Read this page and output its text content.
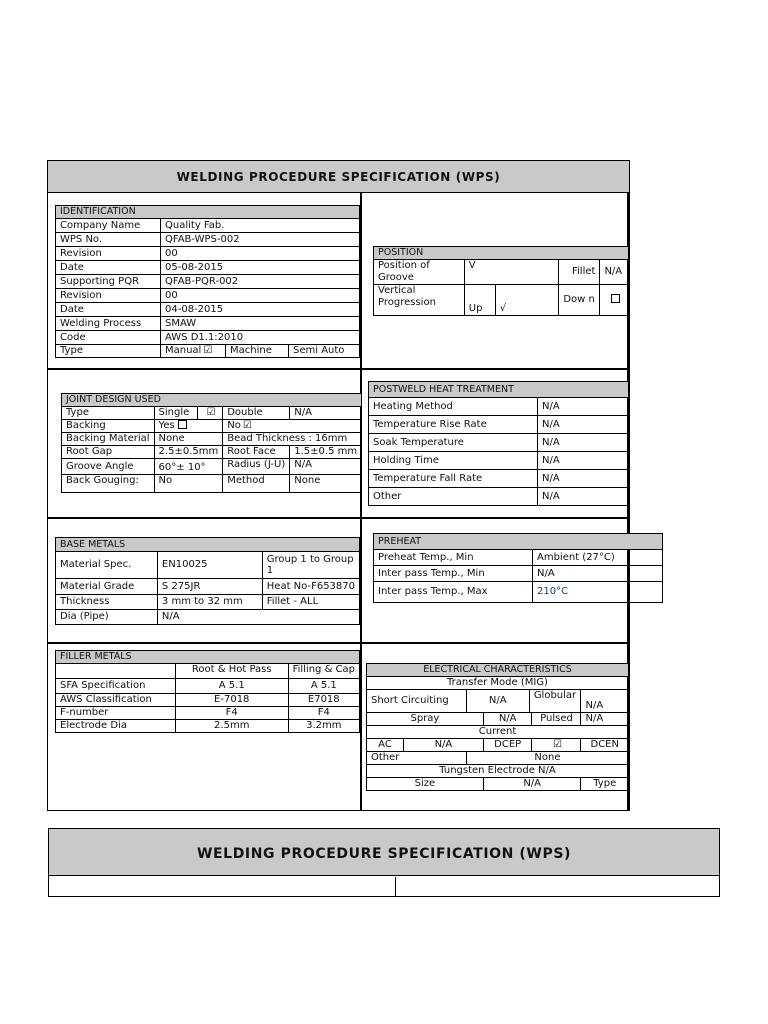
WELDING PROCEDURE SPECIFICATION (WPS)
IDENTIFICATION
Company Name	Quality Fab.
WPS No.	QFAB-WPS-002
Revision	00
Date	05-08-2015
Supporting PQR	QFAB-PQR-002
Revision	00
Date	04-08-2015
Welding Process	SMAW
Code	AWS D1.1:2010
Type		Manual ☑	Machine	Semi Auto
POSITION				
Position of Groove	V		Fillet	N/A
Vertical Progression	Up	√	Dow n	
JOINT DESIGN USED				
Type	Single	☑	Double	N/A
Backing	Yes		No ☑	
Backing Material	None		Bead Thickness : 16mm	
Root Gap	2.5±0.5mm		Root Face	1.5±0.5 mm
Groove Angle	60°± 10°		Radius (J-U)	N/A
Back Gouging:	No		Method	None
POSTWELD HEAT TREATMENT	
Heating Method	N/A
Temperature Rise Rate	N/A
Soak Temperature	N/A
Holding Time	N/A
Temperature Fall Rate	N/A
Other	N/A
BASE METALS		
Material Spec.	EN10025	Group 1 to Group 1
Material Grade	S 275JR	Heat No-F653870
Thickness	3 mm to 32 mm	Fillet - ALL
Dia (Pipe)	N/A	
PREHEAT	
Preheat Temp., Min	Ambient (27°C)
Inter pass Temp., Min	N/A
Inter pass Temp., Max	210°C
FILLER METALS		
	Root & Hot Pass	Filling & Cap
SFA Specification	A 5.1	A 5.1
AWS Classification	E-7018	E7018
F-number	F4	F4
Electrode Dia	2.5mm	3.2mm
ELECTRICAL CHARACTERISTICS						
Transfer Mode (MIG)						
Short Circuiting		N/A		Globular		N/A
Spray			N/A		Pulsed	N/A
Current						
AC	N/A		DCEP		☑	DCEN
Other		None				
Tungsten Electrode N/A						
Size			N/A			Type
WELDING PROCEDURE SPECIFICATION (WPS)
